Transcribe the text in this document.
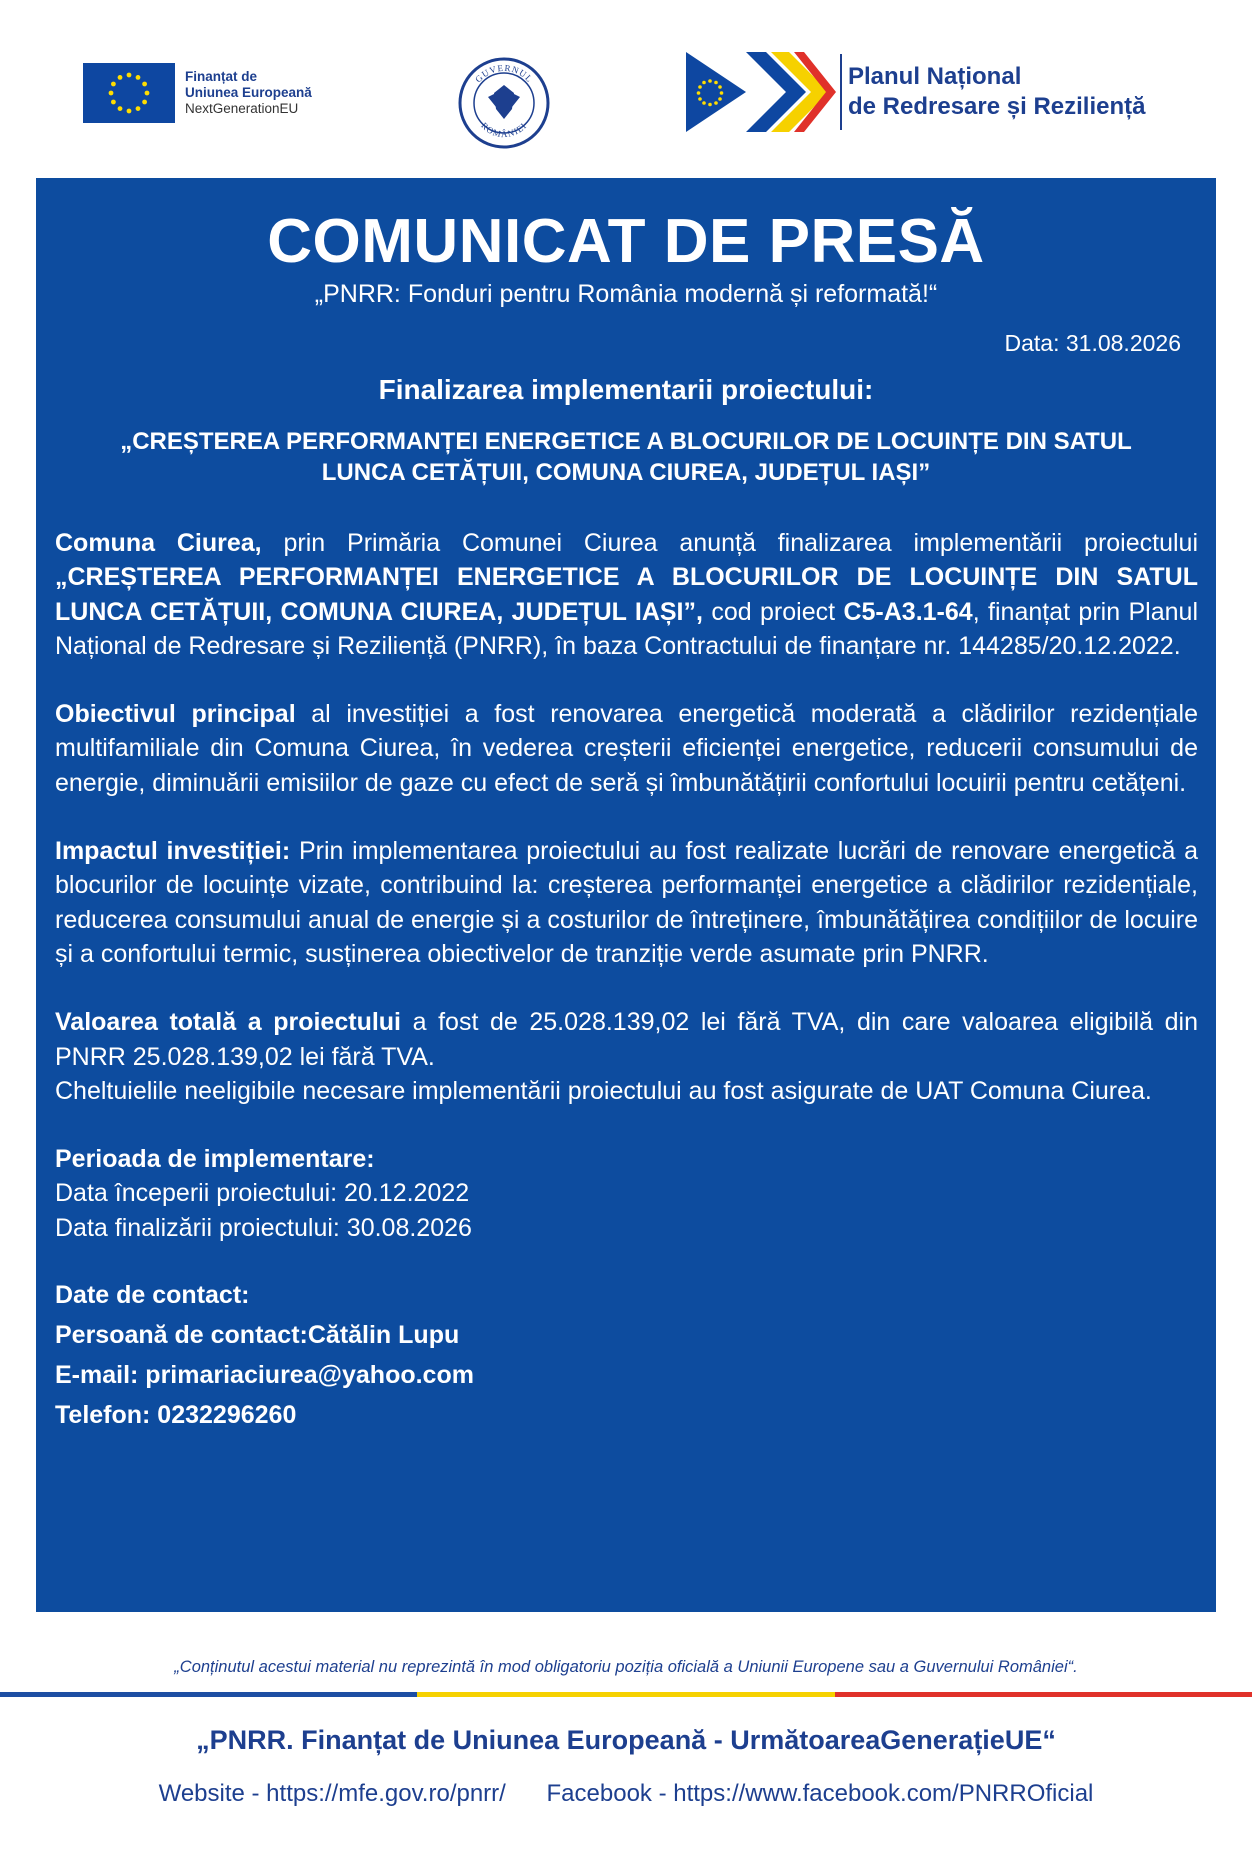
Finanțat de
Uniunea Europeană
NextGenerationEU
GUVERNUL
ROMÂNIEI
Planul Național
de Redresare și Reziliență
COMUNICAT DE PRESĂ
„PNRR: Fonduri pentru România modernă și reformată!“
Data: 31.08.2026
Finalizarea implementarii proiectului:
„CREȘTEREA PERFORMANȚEI ENERGETICE A BLOCURILOR DE LOCUINȚE DIN SATUL LUNCA CETĂȚUII, COMUNA CIUREA, JUDEȚUL IAȘI”

Comuna Ciurea, prin Primăria Comunei Ciurea anunță finalizarea implementării proiectului „CREȘTEREA PERFORMANȚEI ENERGETICE A BLOCURILOR DE LOCUINȚE DIN SATUL LUNCA CETĂȚUII, COMUNA CIUREA, JUDEȚUL IAȘI”, cod proiect C5-A3.1-64, finanțat prin Planul Național de Redresare și Reziliență (PNRR), în baza Contractului de finanțare nr. 144285/20.12.2022.

Obiectivul principal al investiției a fost renovarea energetică moderată a clădirilor rezidențiale multifamiliale din Comuna Ciurea, în vederea creșterii eficienței energetice, reducerii consumului de energie, diminuării emisiilor de gaze cu efect de seră și îmbunătățirii confortului locuirii pentru cetățeni.

Impactul investiției: Prin implementarea proiectului au fost realizate lucrări de renovare energetică a blocurilor de locuințe vizate, contribuind la: creșterea performanței energetice a clădirilor rezidențiale, reducerea consumului anual de energie și a costurilor de întreținere, îmbunătățirea condițiilor de locuire și a confortului termic, susținerea obiectivelor de tranziție verde asumate prin PNRR.

Valoarea totală a proiectului a fost de 25.028.139,02 lei fără TVA, din care valoarea eligibilă din PNRR 25.028.139,02 lei fără TVA.

Cheltuielile neeligibile necesare implementării proiectului au fost asigurate de UAT Comuna Ciurea.

Perioada de implementare:

Data începerii proiectului: 20.12.2022

Data finalizării proiectului: 30.08.2026

Date de contact:

Persoană de contact:Cătălin Lupu

E-mail: primariaciurea@yahoo.com

Telefon: 0232296260

„Conținutul acestui material nu reprezintă în mod obligatoriu poziția oficială a Uniunii Europene sau a Guvernului României“.
„PNRR. Finanțat de Uniunea Europeană - UrmătoareaGenerațieUE“
Website - https://mfe.gov.ro/pnrr/ Facebook - https://www.facebook.com/PNRROficial
